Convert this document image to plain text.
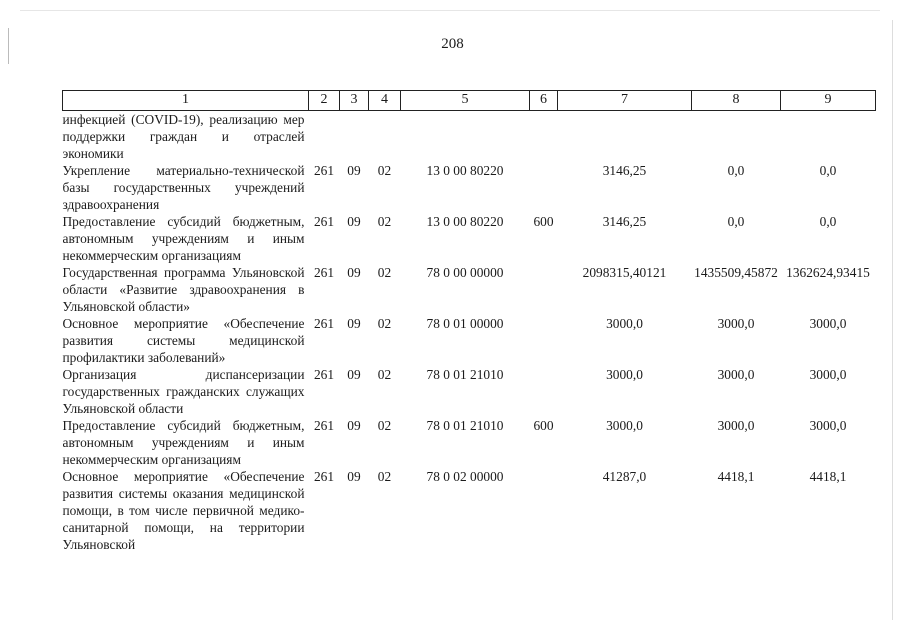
208
1	2	3	4	5	6	7	8	9
инфекцией (COVID-19), реализацию мер поддержки граждан и отраслей экономики								
Укрепление материально-технической базы государственных учреждений здравоохранения	261	09	02	13 0 00 80220		3146,25	0,0	0,0
Предоставление субсидий бюджетным, автономным учреждениям и иным некоммерческим организациям	261	09	02	13 0 00 80220	600	3146,25	0,0	0,0
Государственная программа Ульяновской области «Развитие здравоохранения в Ульяновской области»	261	09	02	78 0 00 00000		2098315,40121	1435509,45872	1362624,93415
Основное мероприятие «Обеспечение развития системы медицинской профилактики заболеваний»	261	09	02	78 0 01 00000		3000,0	3000,0	3000,0
Организация диспансеризации государственных гражданских служащих Ульяновской области	261	09	02	78 0 01 21010		3000,0	3000,0	3000,0
Предоставление субсидий бюджетным, автономным учреждениям и иным некоммерческим организациям	261	09	02	78 0 01 21010	600	3000,0	3000,0	3000,0
Основное мероприятие «Обеспечение развития системы оказания медицинской помощи, в том числе первичной медико-санитарной помощи, на территории Ульяновской	261	09	02	78 0 02 00000		41287,0	4418,1	4418,1
